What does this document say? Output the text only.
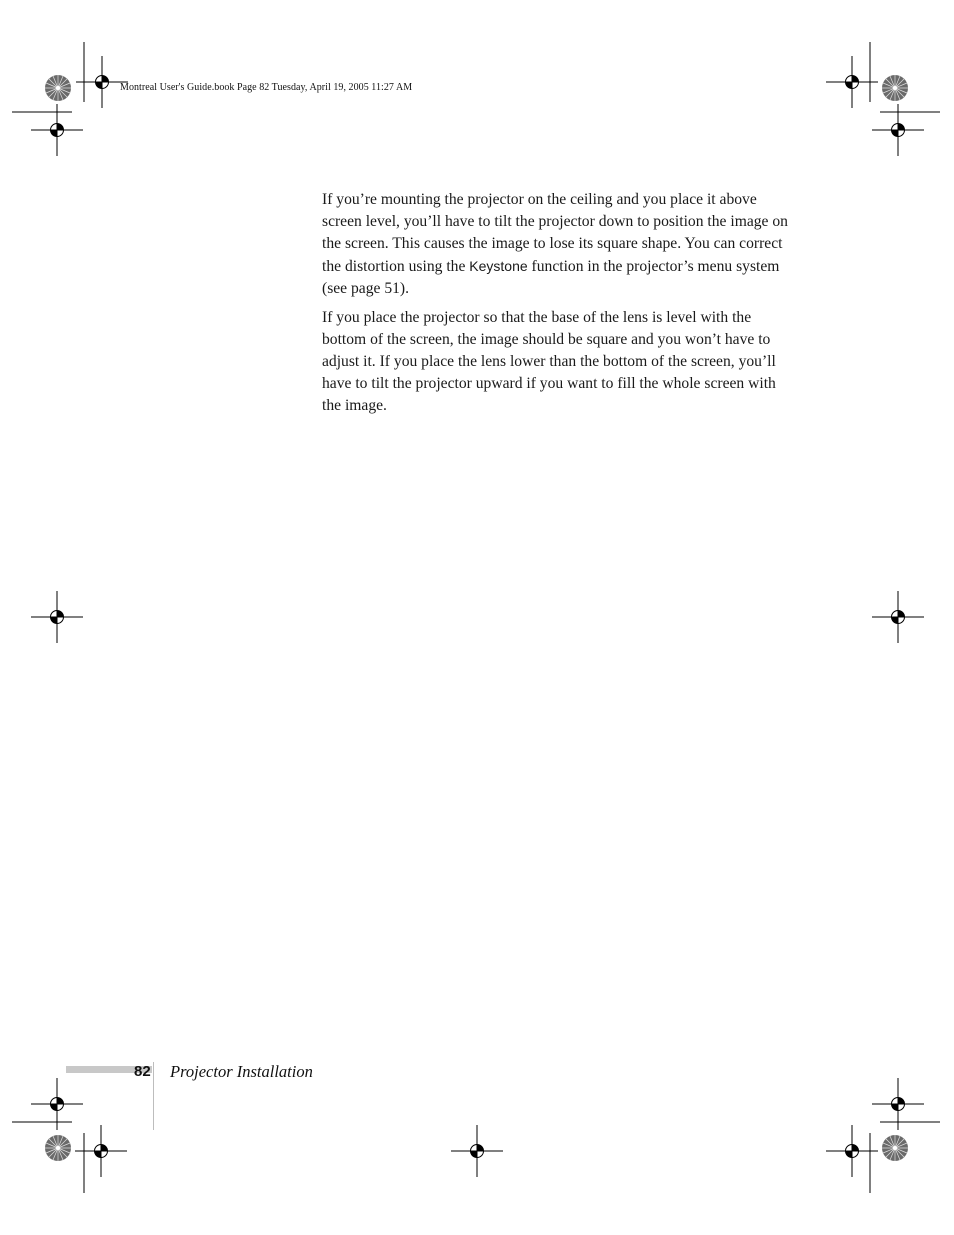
Montreal User's Guide.book Page 82 Tuesday, April 19, 2005 11:27 AM

If you’re mounting the projector on the ceiling and you place it above screen level, you’ll have to tilt the projector down to position the image on the screen. This causes the image to lose its square shape. You can correct the distortion using the Keystone function in the projector’s menu system (see page 51).

If you place the projector so that the base of the lens is level with the bottom of the screen, the image should be square and you won’t have to adjust it. If you place the lens lower than the bottom of the screen, you’ll have to tilt the projector upward if you want to fill the whole screen with the image.

82 Projector Installation
